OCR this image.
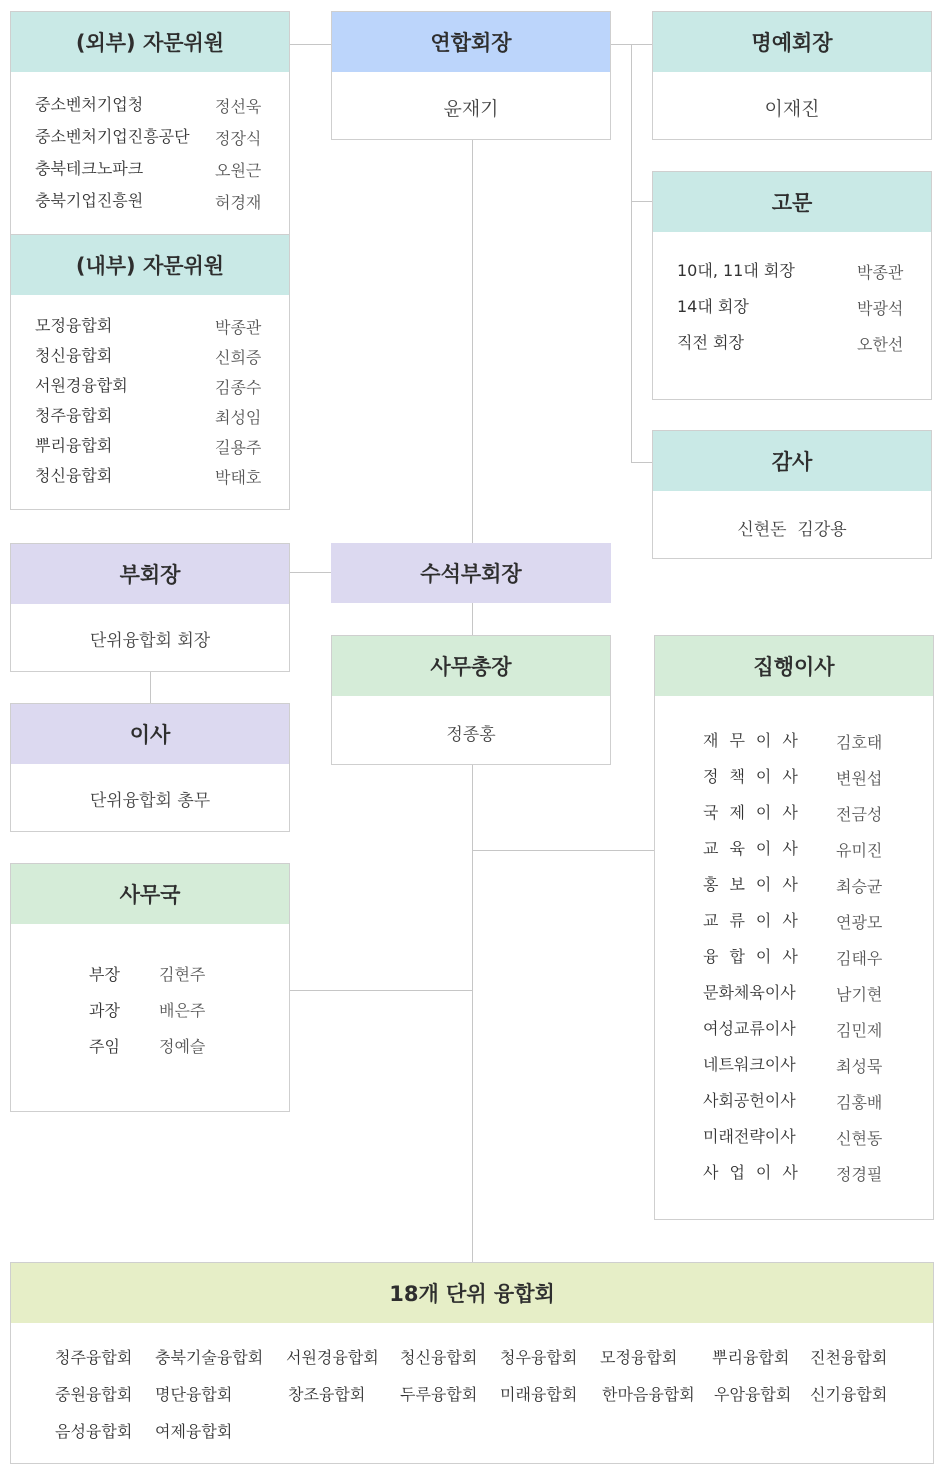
(외부) 자문위원
중소벤처기업청	정선욱
중소벤처기업진흥공단 정장식
충북테크노파크	오원근
충북기업진흥원	허경재
(내부) 자문위원
모정융합회	박종관
청신융합회	신희증
서원경융합회	김종수
청주융합회	최성임
뿌리융합회	길용주
청신융합회	박태호
연합회장
윤재기
명예회장
이재진
고문
10대, 11대 회장	박종관
14대 회장	박광석
직전 회장	오한선
감사
신현돈  김강용
부회장
단위융합회 회장
수석부회장
이사
단위융합회 총무
사무총장
정종홍
집행이사
재무이사 김호태
정책이사 변원섭
국제이사 전금성
교육이사 유미진
홍보이사 최승균
교류이사 연광모
융합이사 김태우
문화체육이사	남기현
여성교류이사	김민제
네트워크이사	최성묵
사회공헌이사	김홍배
미래전략이사	신현동
사업이사 정경필
사무국
부장 김현주
과장 배은주
주임 정예슬
18개 단위 융합회
청주융합회 충북기술융합회 서원경융합회 청신융합회 청우융합회 모정융합회 뿌리융합회 진천융합회
중원융합회 명단융합회	창조융합회 두루융합회 미래융합회 한마음융합회 우암융합회 신기융합회
음성융합회 여제융합회
